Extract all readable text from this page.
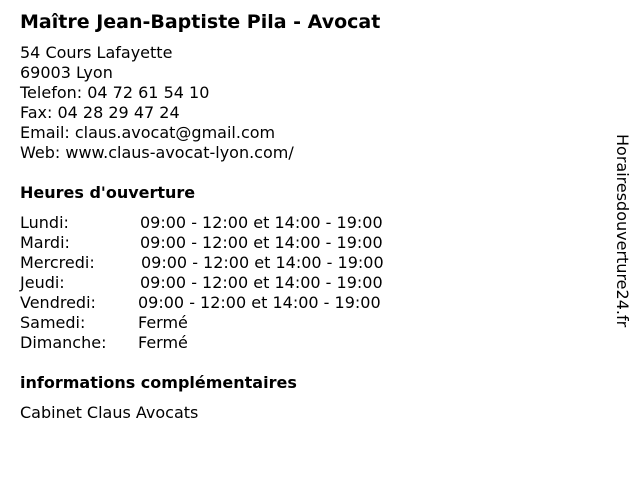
Maître Jean-Baptiste Pila - Avocat
54 Cours Lafayette
69003 Lyon
Telefon: 04 72 61 54 10
Fax: 04 28 29 47 24
Email: claus.avocat@gmail.com
Web: www.claus-avocat-lyon.com/
Heures d'ouverture
Lundi:	09:00 - 12:00 et 14:00 - 19:00
Mardi:	09:00 - 12:00 et 14:00 - 19:00
Mercredi:	09:00 - 12:00 et 14:00 - 19:00
Jeudi:	09:00 - 12:00 et 14:00 - 19:00
Vendredi:	09:00 - 12:00 et 14:00 - 19:00
Samedi:	Fermé
Dimanche:	Fermé
informations complémentaires
Cabinet Claus Avocats
Horairesdouverture24.fr
